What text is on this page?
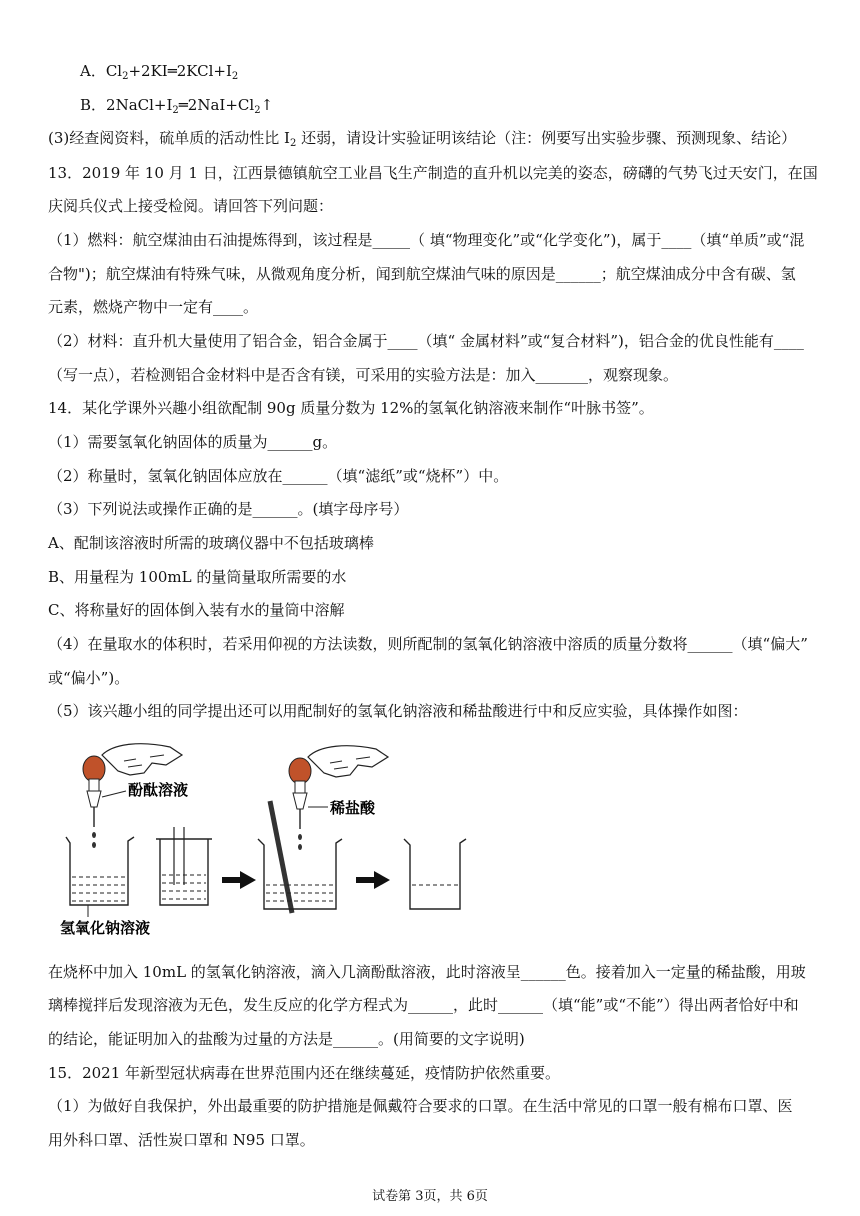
A．$Cl_2+2KI═2KCl+I_2$
B．$2NaCl+I_2═2NaI+Cl_2↑$
(3)经查阅资料，硫单质的活动性比 $I_2$ 还弱，请设计实验证明该结论（注：例要写出实验步骤、预测现象、结论）
13．2019 年 10 月 1 日，江西景德镇航空工业昌飞生产制造的直升机以完美的姿态，磅礴的气势飞过天安门，在国
庆阅兵仪式上接受检阅。请回答下列问题：
（1）燃料：航空煤油由石油提炼得到，该过程是_____（ 填“物理变化”或“化学变化”)，属于____（填“单质”或“混
合物")；航空煤油有特殊气味，从微观角度分析，闻到航空煤油气味的原因是______；航空煤油成分中含有碳、氢
元素，燃烧产物中一定有____。
（2）材料：直升机大量使用了铝合金，铝合金属于____（填“ 金属材料”或“复合材料”)，铝合金的优良性能有____
（写一点），若检测铝合金材料中是否含有镁，可采用的实验方法是：加入_______，观察现象。
14．某化学课外兴趣小组欲配制 90g 质量分数为 12%的氢氧化钠溶液来制作“叶脉书签”。
（1）需要氢氧化钠固体的质量为______g。
（2）称量时，氢氧化钠固体应放在______（填“滤纸”或“烧杯”）中。
（3）下列说法或操作正确的是______。(填字母序号）
A、配制该溶液时所需的玻璃仪器中不包括玻璃棒
B、用量程为 100mL 的量筒量取所需要的水
C、将称量好的固体倒入装有水的量筒中溶解
（4）在量取水的体积时，若采用仰视的方法读数，则所配制的氢氧化钠溶液中溶质的质量分数将______（填“偏大”
或“偏小”)。
（5）该兴趣小组的同学提出还可以用配制好的氢氧化钠溶液和稀盐酸进行中和反应实验，具体操作如图：
酚酞溶液
氢氧化钠溶液
稀盐酸
在烧杯中加入 10mL 的氢氧化钠溶液，滴入几滴酚酞溶液，此时溶液呈______色。接着加入一定量的稀盐酸，用玻
璃棒搅拌后发现溶液为无色，发生反应的化学方程式为______，此时______（填“能”或“不能”）得出两者恰好中和
的结论，能证明加入的盐酸为过量的方法是______。(用简要的文字说明)
15．2021 年新型冠状病毒在世界范围内还在继续蔓延，疫情防护依然重要。
（1）为做好自我保护，外出最重要的防护措施是佩戴符合要求的口罩。在生活中常见的口罩一般有棉布口罩、医
用外科口罩、活性炭口罩和 N95 口罩。
试卷第 3页，共 6页
